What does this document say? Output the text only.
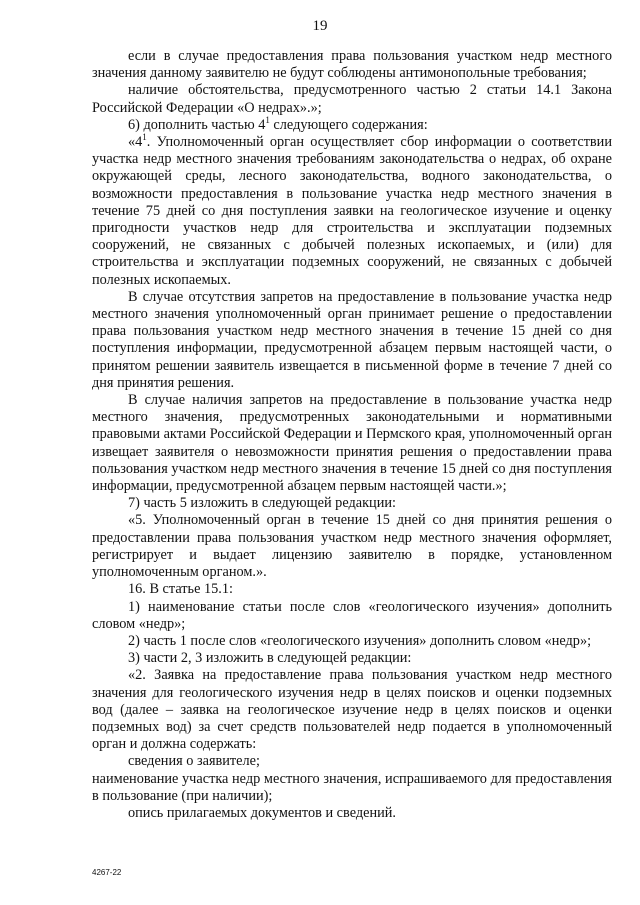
19

если в случае предоставления права пользования участком недр местного значения данному заявителю не будут соблюдены антимонопольные требования;

наличие обстоятельства, предусмотренного частью 2 статьи 14.1 Закона Российской Федерации «О недрах».»;

6) дополнить частью $4^1$ следующего содержания:

«$4^1$. Уполномоченный орган осуществляет сбор информации о соответствии участка недр местного значения требованиям законодательства о недрах, об охране окружающей среды, лесного законодательства, водного законодательства, о возможности предоставления в пользование участка недр местного значения в течение 75 дней со дня поступления заявки на геологическое изучение и оценку пригодности участков недр для строительства и эксплуатации подземных сооружений, не связанных с добычей полезных ископаемых, и (или) для строительства и эксплуатации подземных сооружений, не связанных с добычей полезных ископаемых.

В случае отсутствия запретов на предоставление в пользование участка недр местного значения уполномоченный орган принимает решение о предоставлении права пользования участком недр местного значения в течение 15 дней со дня поступления информации, предусмотренной абзацем первым настоящей части, о принятом решении заявитель извещается в письменной форме в течение 7 дней со дня принятия решения.

В случае наличия запретов на предоставление в пользование участка недр местного значения, предусмотренных законодательными и нормативными правовыми актами Российской Федерации и Пермского края, уполномоченный орган извещает заявителя о невозможности принятия решения о предоставлении права пользования участком недр местного значения в течение 15 дней со дня поступления информации, предусмотренной абзацем первым настоящей части.»;

7) часть 5 изложить в следующей редакции:

«5. Уполномоченный орган в течение 15 дней со дня принятия решения о предоставлении права пользования участком недр местного значения оформляет, регистрирует и выдает лицензию заявителю в порядке, установленном уполномоченным органом.».

16. В статье 15.1:

1) наименование статьи после слов «геологического изучения» дополнить словом «недр»;

2) часть 1 после слов «геологического изучения» дополнить словом «недр»;

3) части 2, 3 изложить в следующей редакции:

«2. Заявка на предоставление права пользования участком недр местного значения для геологического изучения недр в целях поисков и оценки подземных вод (далее – заявка на геологическое изучение недр в целях поисков и оценки подземных вод) за счет средств пользователей недр подается в уполномоченный орган и должна содержать:

сведения о заявителе;

наименование участка недр местного значения, испрашиваемого для предоставления в пользование (при наличии);

опись прилагаемых документов и сведений.

4267-22
